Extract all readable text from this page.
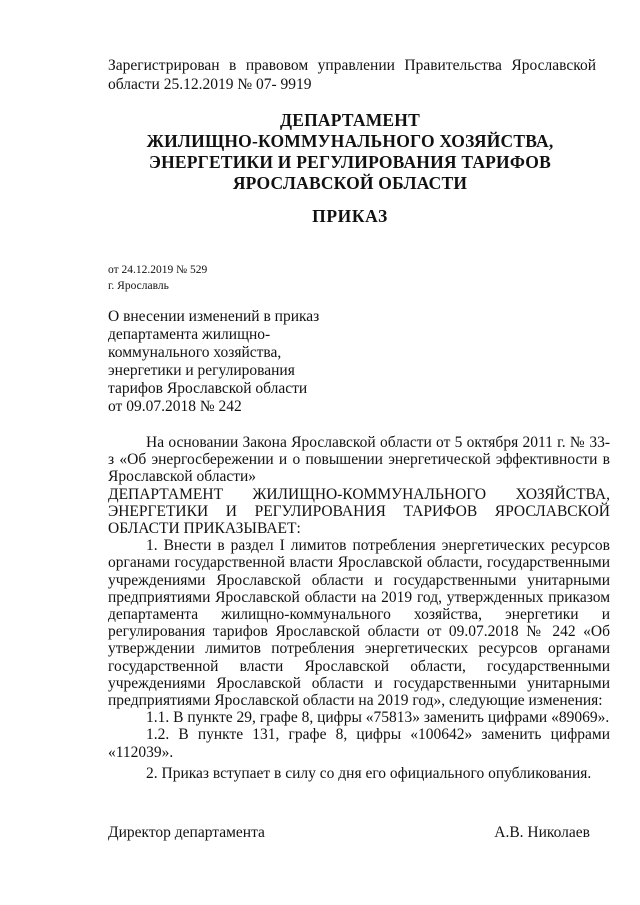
Зарегистрирован в правовом управлении Правительства Ярославской области 25.12.2019 № 07- 9919
ДЕПАРТАМЕНТ
ЖИЛИЩНО-КОММУНАЛЬНОГО ХОЗЯЙСТВА,
ЭНЕРГЕТИКИ И РЕГУЛИРОВАНИЯ ТАРИФОВ
ЯРОСЛАВСКОЙ ОБЛАСТИ
ПРИКАЗ
от 24.12.2019 № 529
г. Ярославль
О внесении изменений в приказ
департамента жилищно-
коммунального хозяйства,
энергетики и регулирования
тарифов Ярославской области
от 09.07.2018 № 242

На основании Закона Ярославской области от 5 октября 2011 г. № 33-з «Об энергосбережении и о повышении энергетической эффективности в Ярославской области»

ДЕПАРТАМЕНТ ЖИЛИЩНО-КОММУНАЛЬНОГО ХОЗЯЙСТВА, ЭНЕРГЕТИКИ И РЕГУЛИРОВАНИЯ ТАРИФОВ ЯРОСЛАВСКОЙ

ОБЛАСТИ ПРИКАЗЫВАЕТ:

1. Внести в раздел I лимитов потребления энергетических ресурсов органами государственной власти Ярославской области, государственными учреждениями Ярославской области и государственными унитарными предприятиями Ярославской области на 2019 год, утвержденных приказом департамента жилищно-коммунального хозяйства, энергетики и регулирования тарифов Ярославской области от 09.07.2018 № 242 «Об утверждении лимитов потребления энергетических ресурсов органами государственной власти Ярославской области, государственными учреждениями Ярославской области и государственными унитарными предприятиями Ярославской области на 2019 год», следующие изменения:

1.1. В пункте 29, графе 8, цифры «75813» заменить цифрами «89069».

1.2. В пункте 131, графе 8, цифры «100642» заменить цифрами «112039».

2. Приказ вступает в силу со дня его официального опубликования.

Директор департамента	А.В. Николаев
